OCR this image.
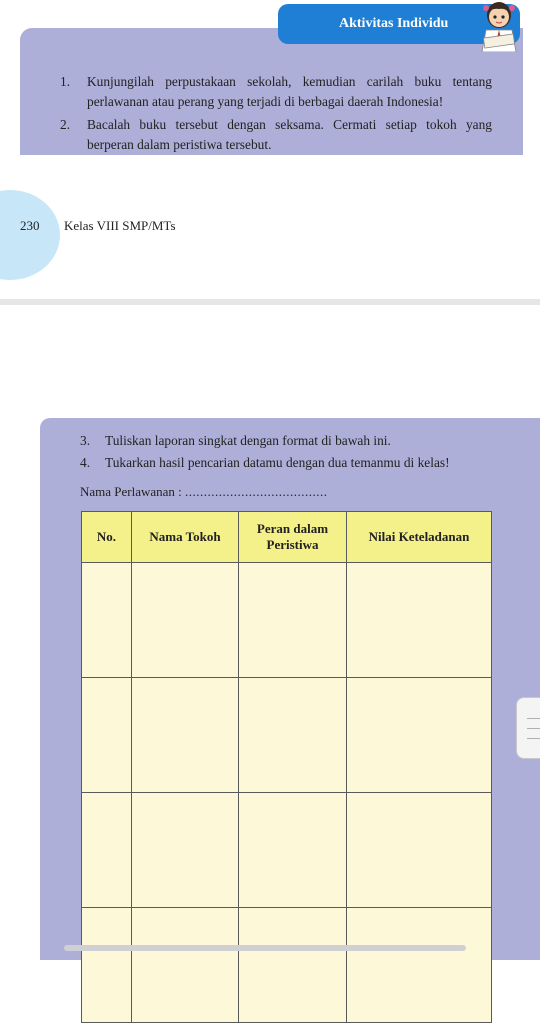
Aktivitas Individu
1. Kunjungilah perpustakaan sekolah, kemudian carilah buku tentang perlawanan atau perang yang terjadi di berbagai daerah Indonesia!
2. Bacalah buku tersebut dengan seksama. Cermati setiap tokoh yang berperan dalam peristiwa tersebut.
230 Kelas VIII SMP/MTs
3. Tuliskan laporan singkat dengan format di bawah ini.
4. Tukarkan hasil pencarian datamu dengan dua temanmu di kelas!
Nama Perlawanan : ......................................
No.	Nama Tokoh	Peran dalam Peristiwa	Nilai Keteladanan
